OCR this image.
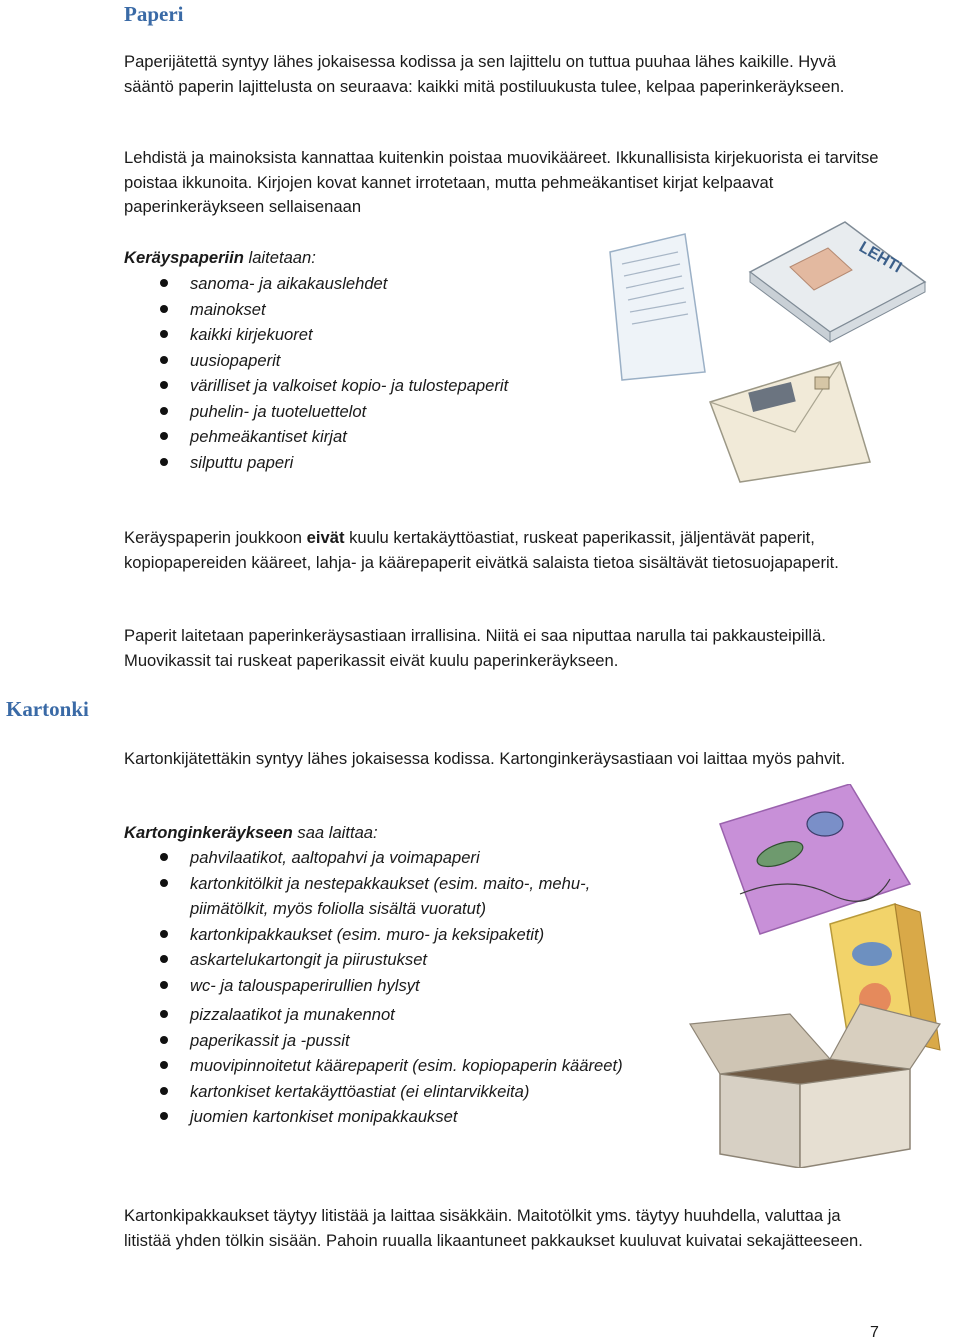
Paperi

Paperijätettä syntyy lähes jokaisessa kodissa ja sen lajittelu on tuttua puuhaa lähes kaikille. Hyvä sääntö paperin lajittelusta on seuraava: kaikki mitä postiluukusta tulee, kelpaa paperinkeräykseen.

Lehdistä ja mainoksista kannattaa kuitenkin poistaa muovikääreet. Ikkunallisista kirjekuorista ei tarvitse poistaa ikkunoita. Kirjojen kovat kannet irrotetaan, mutta pehmeäkantiset kirjat kelpaavat paperinkeräykseen sellaisenaan

Keräyspaperiin laitetaan:
sanoma- ja aikakauslehdet
mainokset
kaikki kirjekuoret
uusiopaperit
värilliset ja valkoiset kopio- ja tulostepaperit
puhelin- ja tuoteluettelot
pehmeäkantiset kirjat
silputtu paperi
LEHTI

Keräyspaperin joukkoon eivät kuulu kertakäyttöastiat, ruskeat paperikassit, jäljentävät paperit, kopiopapereiden kääreet, lahja- ja käärepaperit eivätkä salaista tietoa sisältävät tietosuojapaperit.

Paperit laitetaan paperinkeräysastiaan irrallisina. Niitä ei saa niputtaa narulla tai pakkausteipillä. Muovikassit tai ruskeat paperikassit eivät kuulu paperinkeräykseen.

Kartonki

Kartonkijätettäkin syntyy lähes jokaisessa kodissa. Kartonginkeräysastiaan voi laittaa myös pahvit.

Kartonginkeräykseen saa laittaa:
pahvilaatikot, aaltopahvi ja voimapaperi
kartonkitölkit ja nestepakkaukset (esim. maito-, mehu-, piimätölkit, myös foliolla sisältä vuoratut)
kartonkipakkaukset (esim. muro- ja keksipaketit)
askartelukartongit ja piirustukset
wc- ja talouspaperirullien hylsyt
pizzalaatikot ja munakennot
paperikassit ja -pussit
muovipinnoitetut käärepaperit (esim. kopiopaperin kääreet)
kartonkiset kertakäyttöastiat (ei elintarvikkeita)
juomien kartonkiset monipakkaukset

Kartonkipakkaukset täytyy litistää ja laittaa sisäkkäin. Maitotölkit yms. täytyy huuhdella, valuttaa ja litistää yhden tölkin sisään. Pahoin ruualla likaantuneet pakkaukset kuuluvat kuivatai sekajätteeseen.

7
